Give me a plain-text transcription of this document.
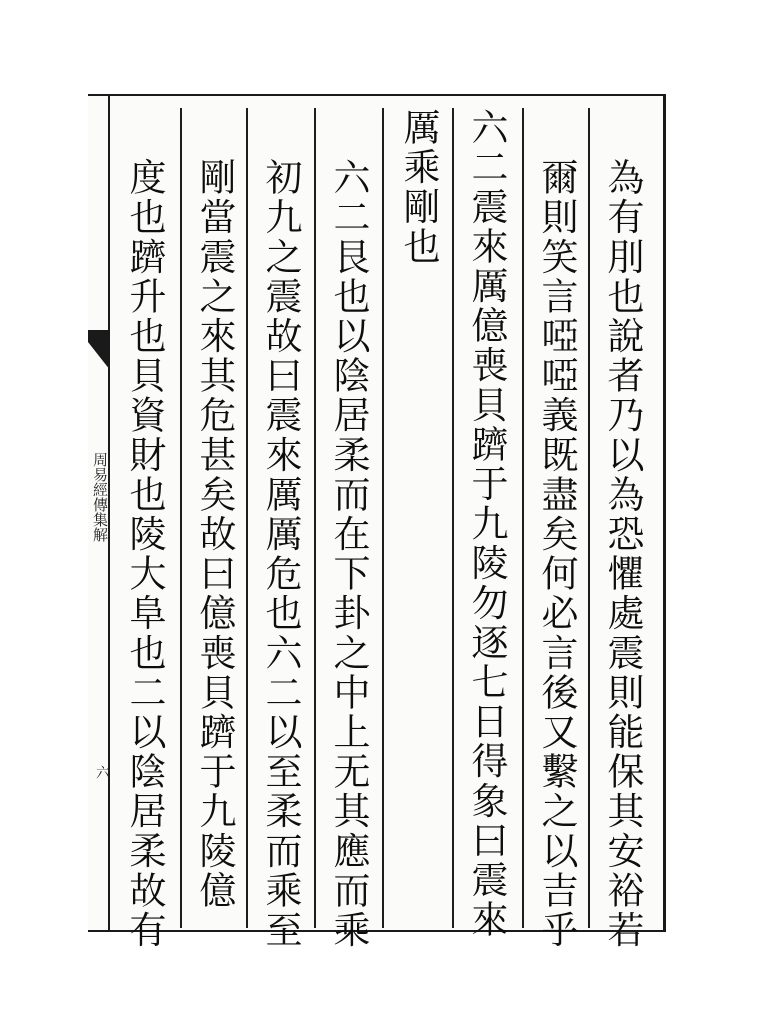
周易經傳集解
六	為有刖也說者乃以為恐懼處震則能保其安裕若
爾則笑言啞啞義既盡矣何必言後又繫之以吉乎
六二震來厲億喪貝躋于九陵勿逐七日得象曰震來
厲乘剛也
六二艮也以陰居柔而在下卦之中上无其應而乘
初九之震故曰震來厲厲危也六二以至柔而乘至
剛當震之來其危甚矣故曰億喪貝躋于九陵億
度也躋升也貝資財也陵大阜也二以陰居柔故有
